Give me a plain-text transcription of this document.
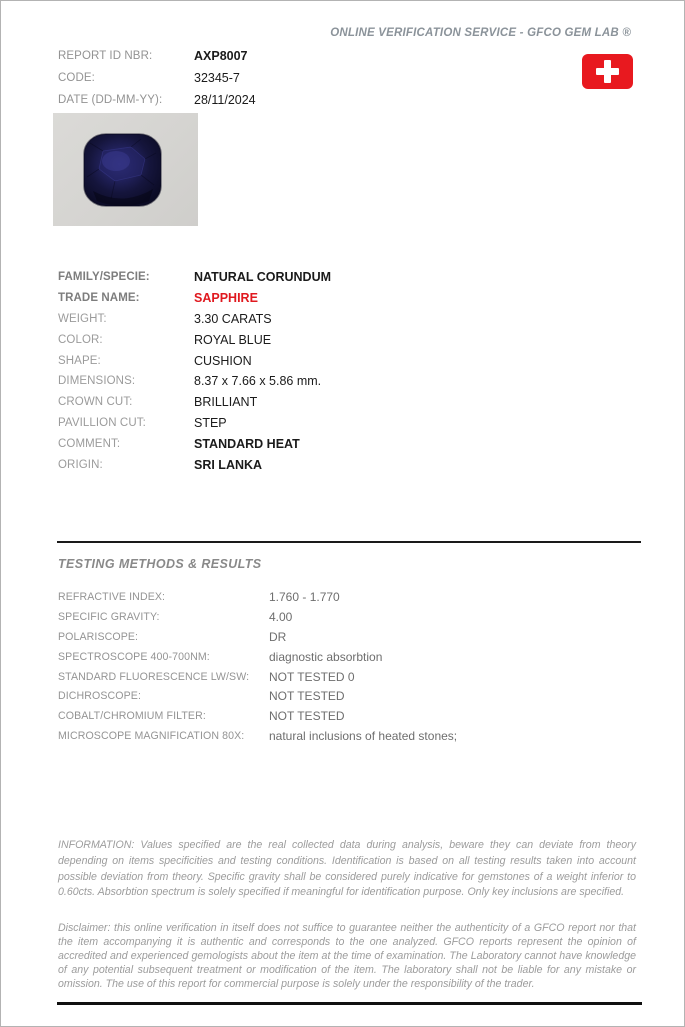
ONLINE VERIFICATION SERVICE - GFCO GEM LAB ®
REPORT ID NBR:	AXP8007
CODE:	32345-7
DATE (DD-MM-YY):	28/11/2024
FAMILY/SPECIE:	NATURAL CORUNDUM
TRADE NAME:	SAPPHIRE
WEIGHT:	3.30 CARATS
COLOR:	ROYAL BLUE
SHAPE:	CUSHION
DIMENSIONS:	8.37 x 7.66 x 5.86 mm.
CROWN CUT:	BRILLIANT
PAVILLION CUT:	STEP
COMMENT:	STANDARD HEAT
ORIGIN:	SRI LANKA
TESTING METHODS & RESULTS
REFRACTIVE INDEX:	1.760 - 1.770
SPECIFIC GRAVITY:	4.00
POLARISCOPE:	DR
SPECTROSCOPE 400-700NM:	diagnostic absorbtion
STANDARD FLUORESCENCE LW/SW:	NOT TESTED 0
DICHROSCOPE:	NOT TESTED
COBALT/CHROMIUM FILTER:	NOT TESTED
MICROSCOPE MAGNIFICATION 80X:	natural inclusions of heated stones;

INFORMATION: Values specified are the real collected data during analysis, beware they can deviate from theory depending on items specificities and testing conditions. Identification is based on all testing results taken into account possible deviation from theory. Specific gravity shall be considered purely indicative for gemstones of a weight inferior to 0.60cts. Absorbtion spectrum is solely specified if meaningful for identification purpose. Only key inclusions are specified.

Disclaimer: this online verification in itself does not suffice to guarantee neither the authenticity of a GFCO report nor that the item accompanying it is authentic and corresponds to the one analyzed. GFCO reports represent the opinion of accredited and experienced gemologists about the item at the time of examination. The Laboratory cannot have knowledge of any potential subsequent treatment or modification of the item. The laboratory shall not be liable for any mistake or omission. The use of this report for commercial purpose is solely under the responsibility of the trader.
